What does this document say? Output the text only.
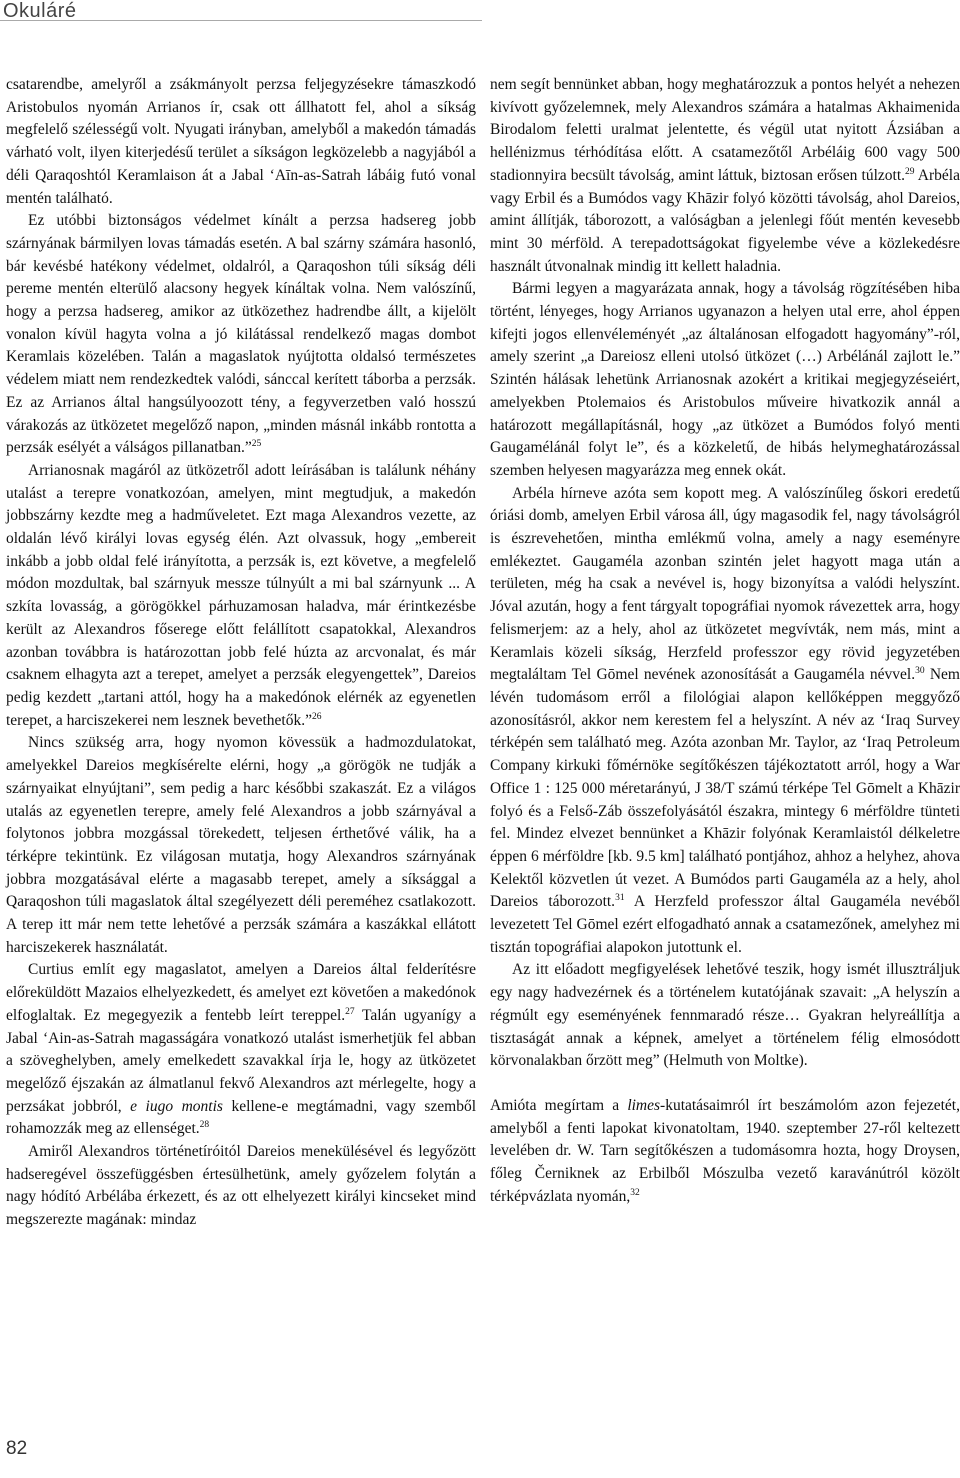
Okuláré

csatarendbe, amelyről a zsákmányolt perzsa feljegyzésekre támaszkodó Aristobulos nyomán Arrianos ír, csak ott állhatott fel, ahol a síkság megfelelő szélességű volt. Nyugati irányban, amelyből a makedón támadás várható volt, ilyen kiterjedésű terület a síkságon legközelebb a nagyjából a déli Qaraqoshtól Keramlaison át a Jabal ‘Aīn-as-Satrah lábáig futó vonal mentén található.

Ez utóbbi biztonságos védelmet kínált a perzsa hadsereg jobb szárnyának bármilyen lovas támadás esetén. A bal szárny számára hasonló, bár kevésbé hatékony védelmet, oldalról, a Qaraqoshon túli síkság déli pereme mentén elterülő alacsony hegyek kínáltak volna. Nem valószínű, hogy a perzsa hadsereg, amikor az ütközethez hadrendbe állt, a kijelölt vonalon kívül hagyta volna a jó kilátással rendelkező magas dombot Keramlais közelében. Talán a magaslatok nyújtotta oldalsó természetes védelem miatt nem rendezkedtek valódi, sánccal kerített táborba a perzsák. Ez az Arrianos által hangsúlyoozott tény, a fegyverzetben való hosszú várakozás az ütközetet megelőző napon, „minden másnál inkább rontotta a perzsák esélyét a válságos pillanatban.”$^{25}$

Arrianosnak magáról az ütközetről adott leírásában is találunk néhány utalást a terepre vonatkozóan, amelyen, mint megtudjuk, a makedón jobbszárny kezdte meg a hadműveletet. Ezt maga Alexandros vezette, az oldalán lévő királyi lovas egység élén. Azt olvassuk, hogy „embereit inkább a jobb oldal felé irányította, a perzsák is, ezt követve, a megfelelő módon mozdultak, bal szárnyuk messze túlnyúlt a mi bal szárnyunk ... A szkíta lovasság, a görögökkel párhuzamosan haladva, már érintkezésbe került az Alexandros főserege előtt felállított csapatokkal, Alexandros azonban továbbra is határozottan jobb felé húzta az arcvonalat, és már csaknem elhagyta azt a terepet, amelyet a perzsák elegyengettek”, Dareios pedig kezdett „tartani attól, hogy ha a makedónok elérnék az egyenetlen terepet, a harciszekerei nem lesznek bevethetők.”$^{26}$

Nincs szükség arra, hogy nyomon kövessük a hadmozdulatokat, amelyekkel Dareios megkísérelte elérni, hogy „a görögök ne tudják a szárnyaikat elnyújtani”, sem pedig a harc későbbi szakaszát. Ez a világos utalás az egyenetlen terepre, amely felé Alexandros a jobb szárnyával a folytonos jobbra mozgással törekedett, teljesen érthetővé válik, ha a térképre tekintünk. Ez világosan mutatja, hogy Alexandros szárnyának jobbra mozgatásával elérte a magasabb terepet, amely a síksággal a Qaraqoshon túli magaslatok által szegélyezett déli pereméhez csatlakozott. A terep itt már nem tette lehetővé a perzsák számára a kaszákkal ellátott harciszekerek használatát.

Curtius említ egy magaslatot, amelyen a Dareios által felderítésre előreküldött Mazaios elhelyezkedett, és amelyet ezt követően a makedónok elfoglaltak. Ez megegyezik a fentebb leírt tereppel.$^{27}$ Talán ugyanígy a Jabal ‘Ain-as-Satrah magasságára vonatkozó utalást ismerhetjük fel abban a szöveghelyben, amely emelkedett szavakkal írja le, hogy az ütközetet megelőző éjszakán az álmatlanul fekvő Alexandros azt mérlegelte, hogy a perzsákat jobbról, e iugo montis kellene-e megtámadni, vagy szemből rohamozzák meg az ellenséget.$^{28}$

Amiről Alexandros történetíróitól Dareios menekülésével és legyőzött hadseregével összefüggésben értesülhetünk, amely győzelem folytán a nagy hódító Arbélába érkezett, és az ott elhelyezett királyi kincseket mind megszerezte magának: mindaz

nem segít bennünket abban, hogy meghatározzuk a pontos helyét a nehezen kivívott győzelemnek, mely Alexandros számára a hatalmas Akhaimenida Birodalom feletti uralmat jelentette, és végül utat nyitott Ázsiában a hellénizmus térhódítása előtt. A csatamezőtől Arbéláig 600 vagy 500 stadionnyira becsült távolság, amint láttuk, biztosan erősen túlzott.$^{29}$ Arbéla vagy Erbil és a Bumódos vagy Khāzir folyó közötti távolság, ahol Dareios, amint állítják, táborozott, a valóságban a jelenlegi főút mentén kevesebb mint 30 mérföld. A terepadottságokat figyelembe véve a közlekedésre használt útvonalnak mindig itt kellett haladnia.

Bármi legyen a magyarázata annak, hogy a távolság rögzítésében hiba történt, lényeges, hogy Arrianos ugyanazon a helyen utal erre, ahol éppen kifejti jogos ellenvéleményét „az általánosan elfogadott hagyomány”-ról, amely szerint „a Dareiosz elleni utolsó ütközet (…) Arbélánál zajlott le.” Szintén hálásak lehetünk Arrianosnak azokért a kritikai megjegyzéseiért, amelyekben Ptolemaios és Aristobulos műveire hivatkozik annál a határozott megállapításnál, hogy „az ütközet a Bumódos folyó menti Gaugamélánál folyt le”, és a közkeletű, de hibás helymeghatározással szemben helyesen magyarázza meg ennek okát.

Arbéla hírneve azóta sem kopott meg. A valószínűleg őskori eredetű óriási domb, amelyen Erbil városa áll, úgy magasodik fel, nagy távolságról is észrevehetően, mintha emlékmű volna, amely a nagy eseményre emlékeztet. Gaugaméla azonban szintén jelet hagyott maga után a területen, még ha csak a nevével is, hogy bizonyítsa a valódi helyszínt. Jóval azután, hogy a fent tárgyalt topográfiai nyomok rávezettek arra, hogy felismerjem: az a hely, ahol az ütközetet megvívták, nem más, mint a Keramlais közeli síkság, Herzfeld professzor egy rövid jegyzetében megtaláltam Tel Gōmel nevének azonosítását a Gaugaméla névvel.$^{30}$ Nem lévén tudomásom erről a filológiai alapon kellőképpen meggyőző azonosításról, akkor nem kerestem fel a helyszínt. A név az ‘Iraq Survey térképén sem található meg. Azóta azonban Mr. Taylor, az ‘Iraq Petroleum Company kirkuki főmérnöke segítőkészen tájékoztatott arról, hogy a War Office 1 : 125 000 méretarányú, J 38/T számú térképe Tel Gōmelt a Khāzir folyó és a Felső-Záb összefolyásától északra, mintegy 6 mérföldre tünteti fel. Mindez elvezet bennünket a Khāzir folyónak Keramlaistól délkeletre éppen 6 mérföldre [kb. 9.5 km] található pontjához, ahhoz a helyhez, ahova Kelektől közvetlen út vezet. A Bumódos parti Gaugaméla az a hely, ahol Dareios táborozott.$^{31}$ A Herzfeld professzor által Gaugaméla nevéből levezetett Tel Gōmel ezért elfogadható annak a csatamezőnek, amelyhez mi tisztán topográfiai alapokon jutottunk el.

Az itt előadott megfigyelések lehetővé teszik, hogy ismét illusztráljuk egy nagy hadvezérnek és a történelem kutatójának szavait: „A helyszín a régmúlt egy eseményének fennmaradó része… Gyakran helyreállítja a tisztaságát annak a képnek, amelyet a történelem félig elmosódott körvonalakban őrzött meg” (Helmuth von Moltke).

Amióta megírtam a limes-kutatásaimról írt beszámolóm azon fejezetét, amelyből a fenti lapokat kivonatoltam, 1940. szeptember 27-ről keltezett levelében dr. W. Tarn segítőkészen a tudomásomra hozta, hogy Droysen, főleg Černiknek az Erbilből Mószulba vezető karavánútról közölt térképvázlata nyomán,$^{32}$

82
